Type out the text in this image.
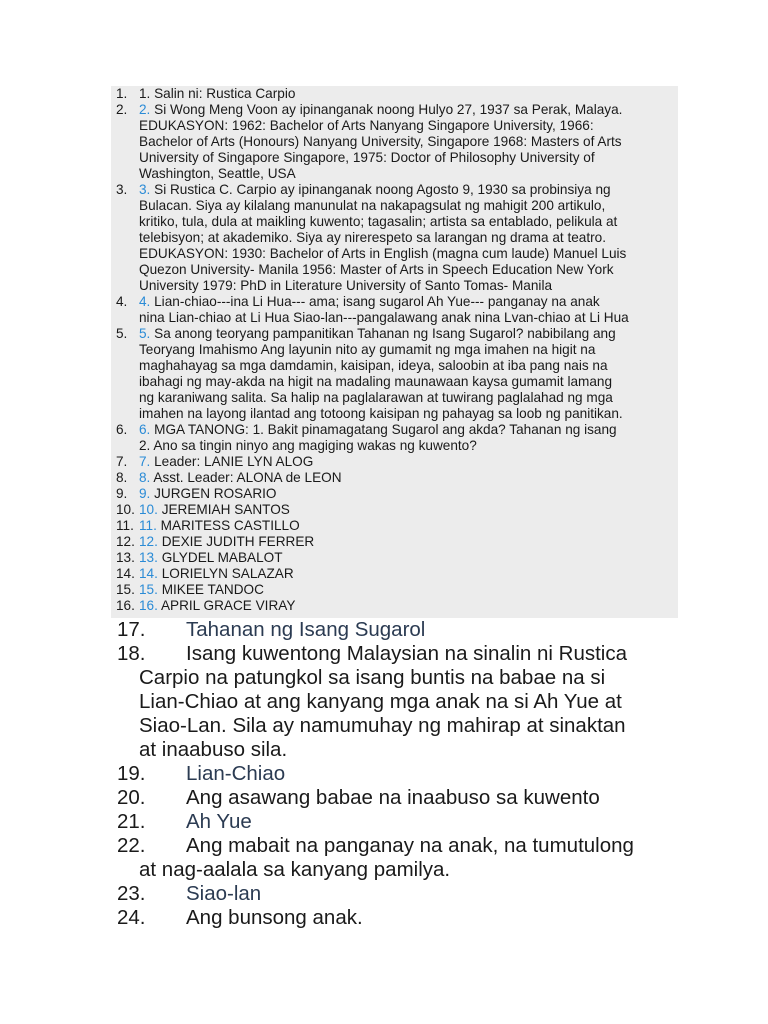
1. 1. Salin ni: Rustica Carpio
2. 2. Si Wong Meng Voon ay ipinanganak noong Hulyo 27, 1937 sa Perak, Malaya.
EDUKASYON: 1962: Bachelor of Arts Nanyang Singapore University, 1966:
Bachelor of Arts (Honours) Nanyang University, Singapore 1968: Masters of Arts
University of Singapore Singapore, 1975: Doctor of Philosophy University of
Washington, Seattle, USA
3. 3. Si Rustica C. Carpio ay ipinanganak noong Agosto 9, 1930 sa probinsiya ng
Bulacan. Siya ay kilalang manunulat na nakapagsulat ng mahigit 200 artikulo,
kritiko, tula, dula at maikling kuwento; tagasalin; artista sa entablado, pelikula at
telebisyon; at akademiko. Siya ay nirerespeto sa larangan ng drama at teatro.
EDUKASYON: 1930: Bachelor of Arts in English (magna cum laude) Manuel Luis
Quezon University- Manila 1956: Master of Arts in Speech Education New York
University 1979: PhD in Literature University of Santo Tomas- Manila
4. 4. Lian-chiao---ina Li Hua--- ama; isang sugarol Ah Yue--- panganay na anak
nina Lian-chiao at Li Hua Siao-lan---pangalawang anak nina Lvan-chiao at Li Hua
5. 5. Sa anong teoryang pampanitikan Tahanan ng Isang Sugarol? nabibilang ang
Teoryang Imahismo Ang layunin nito ay gumamit ng mga imahen na higit na
maghahayag sa mga damdamin, kaisipan, ideya, saloobin at iba pang nais na
ibahagi ng may-akda na higit na madaling maunawaan kaysa gumamit lamang
ng karaniwang salita. Sa halip na paglalarawan at tuwirang paglalahad ng mga
imahen na layong ilantad ang totoong kaisipan ng pahayag sa loob ng panitikan.
6. 6. MGA TANONG: 1. Bakit pinamagatang Sugarol ang akda? Tahanan ng isang
2. Ano sa tingin ninyo ang magiging wakas ng kuwento?
7. 7. Leader: LANIE LYN ALOG
8. 8. Asst. Leader: ALONA de LEON
9. 9. JURGEN ROSARIO
10. 10. JEREMIAH SANTOS
11. 11. MARITESS CASTILLO
12. 12. DEXIE JUDITH FERRER
13. 13. GLYDEL MABALOT
14. 14. LORIELYN SALAZAR
15. 15. MIKEE TANDOC
16. 16. APRIL GRACE VIRAY
17. Tahanan ng Isang Sugarol
18. Isang kuwentong Malaysian na sinalin ni Rustica
Carpio na patungkol sa isang buntis na babae na si
Lian-Chiao at ang kanyang mga anak na si Ah Yue at
Siao-Lan. Sila ay namumuhay ng mahirap at sinaktan
at inaabuso sila.
19. Lian-Chiao
20. Ang asawang babae na inaabuso sa kuwento
21. Ah Yue
22. Ang mabait na panganay na anak, na tumutulong
at nag-aalala sa kanyang pamilya.
23. Siao-lan
24. Ang bunsong anak.
